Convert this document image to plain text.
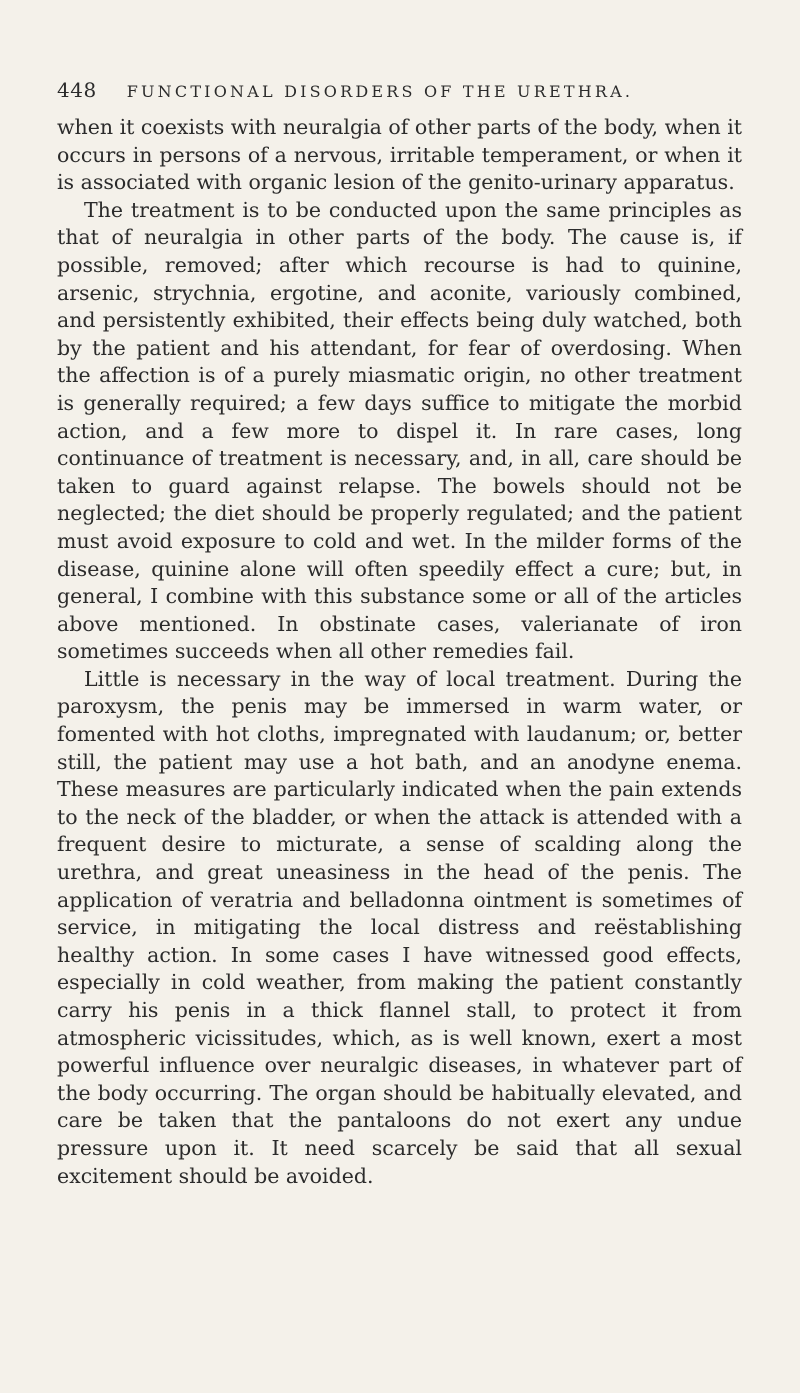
448 FUNCTIONAL DISORDERS OF THE URETHRA.

when it coexists with neuralgia of other parts of the body, when it occurs in persons of a nervous, irritable temperament, or when it is associated with organic lesion of the genito-urinary apparatus.

The treatment is to be conducted upon the same principles as that of neuralgia in other parts of the body. The cause is, if possible, removed; after which recourse is had to quinine, arsenic, strychnia, ergotine, and aconite, variously combined, and persistently exhibited, their effects being duly watched, both by the patient and his attendant, for fear of overdosing. When the affection is of a purely miasmatic origin, no other treatment is generally required; a few days suffice to mitigate the morbid action, and a few more to dispel it. In rare cases, long continuance of treatment is necessary, and, in all, care should be taken to guard against relapse. The bowels should not be neglected; the diet should be properly regulated; and the patient must avoid exposure to cold and wet. In the milder forms of the disease, quinine alone will often speedily effect a cure; but, in general, I combine with this substance some or all of the articles above mentioned. In obstinate cases, valerianate of iron sometimes succeeds when all other remedies fail.

Little is necessary in the way of local treatment. During the paroxysm, the penis may be immersed in warm water, or fomented with hot cloths, impregnated with laudanum; or, better still, the patient may use a hot bath, and an anodyne enema. These measures are particularly indicated when the pain extends to the neck of the bladder, or when the attack is attended with a frequent desire to micturate, a sense of scalding along the urethra, and great uneasiness in the head of the penis. The application of veratria and belladonna ointment is sometimes of service, in mitigating the local distress and reëstablishing healthy action. In some cases I have witnessed good effects, especially in cold weather, from making the patient constantly carry his penis in a thick flannel stall, to protect it from atmospheric vicissitudes, which, as is well known, exert a most powerful influence over neuralgic diseases, in whatever part of the body occurring. The organ should be habitually elevated, and care be taken that the pantaloons do not exert any undue pressure upon it. It need scarcely be said that all sexual excitement should be avoided.
